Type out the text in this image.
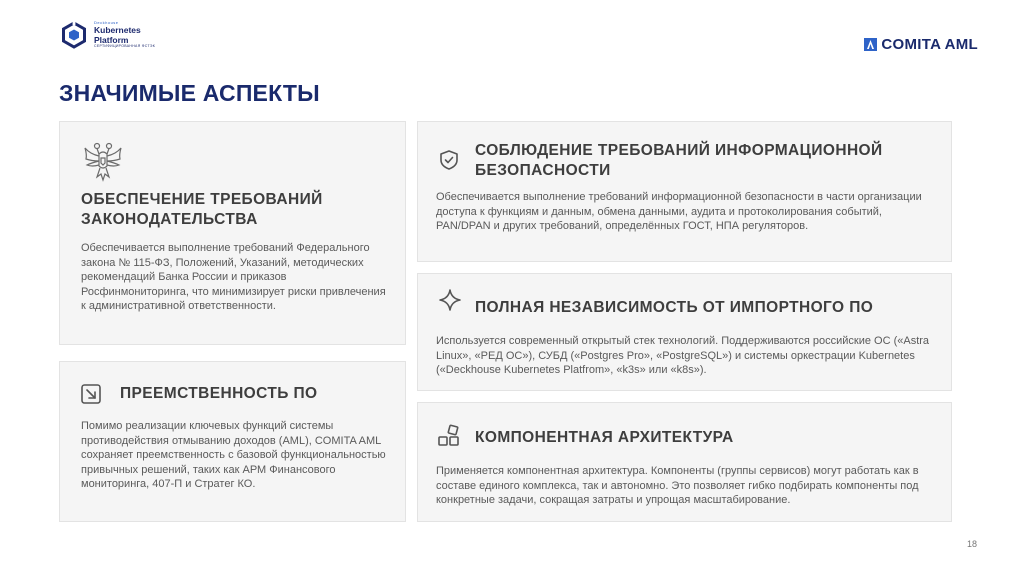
Deckhouse
Kubernetes
Platform
СЕРТИФИЦИРОВАННАЯ ФСТЭК	COMITA AML
ЗНАЧИМЫЕ АСПЕКТЫ
ОБЕСПЕЧЕНИЕ ТРЕБОВАНИЙ ЗАКОНОДАТЕЛЬСТВА
Обеспечивается выполнение требований Федерального закона № 115-ФЗ, Положений, Указаний, методических рекомендаций Банка России и приказов Росфинмониторинга, что минимизирует риски привлечения к административной ответственности.
ПРЕЕМСТВЕННОСТЬ ПО
Помимо реализации ключевых функций системы противодействия отмыванию доходов (AML), COMITA AML сохраняет преемственность с базовой функциональностью привычных решений, таких как АРМ Финансового мониторинга, 407-П и Стратег КО.
СОБЛЮДЕНИЕ ТРЕБОВАНИЙ ИНФОРМАЦИОННОЙ БЕЗОПАСНОСТИ
Обеспечивается выполнение требований информационной безопасности в части организации доступа к функциям и данным, обмена данными, аудита и протоколирования событий, PAN/DPAN и других требований, определённых ГОСТ, НПА регуляторов.
ПОЛНАЯ НЕЗАВИСИМОСТЬ ОТ ИМПОРТНОГО ПО
Используется современный открытый стек технологий. Поддерживаются российские ОС («Astra Linux», «РЕД ОС»), СУБД («Postgres Pro», «PostgreSQL») и системы оркестрации Kubernetes («Deckhouse Kubernetes Platfrom», «k3s» или «k8s»).
КОМПОНЕНТНАЯ АРХИТЕКТУРА
Применяется компонентная архитектура. Компоненты (группы сервисов) могут работать как в составе единого комплекса, так и автономно. Это позволяет гибко подбирать компоненты под конкретные задачи, сокращая затраты и упрощая масштабирование.
18
